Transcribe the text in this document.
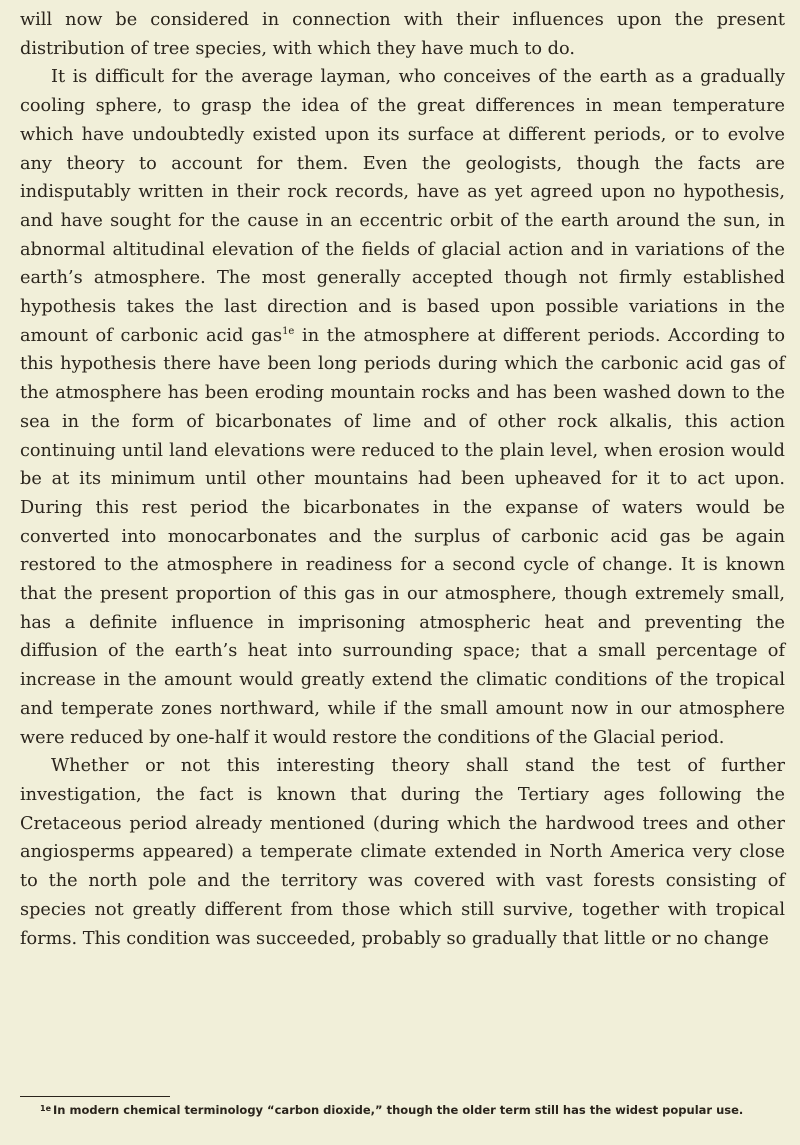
will now be considered in connection with their influences upon the present distribution of tree species, with which they have much to do.

It is difficult for the average layman, who conceives of the earth as a gradually cooling sphere, to grasp the idea of the great differences in mean temperature which have undoubtedly existed upon its surface at different periods, or to evolve any theory to account for them. Even the geologists, though the facts are indisputably written in their rock records, have as yet agreed upon no hypothesis, and have sought for the cause in an eccentric orbit of the earth around the sun, in abnormal altitudinal elevation of the fields of glacial action and in variations of the earth’s atmosphere. The most generally accepted though not firmly established hypothesis takes the last direction and is based upon possible variations in the amount of carbonic acid gas$^{1e}$ in the atmosphere at different periods. According to this hypothesis there have been long periods during which the carbonic acid gas of the atmosphere has been eroding mountain rocks and has been washed down to the sea in the form of bicarbonates of lime and of other rock alkalis, this action continuing until land elevations were reduced to the plain level, when erosion would be at its minimum until other mountains had been upheaved for it to act upon. During this rest period the bicarbonates in the expanse of waters would be converted into monocarbonates and the surplus of carbonic acid gas be again restored to the atmosphere in readiness for a second cycle of change. It is known that the present proportion of this gas in our atmosphere, though extremely small, has a definite influence in imprisoning atmospheric heat and preventing the diffusion of the earth’s heat into surrounding space; that a small percentage of increase in the amount would greatly extend the climatic conditions of the tropical and temperate zones northward, while if the small amount now in our atmosphere were reduced by one-half it would restore the conditions of the Glacial period.

Whether or not this interesting theory shall stand the test of further investigation, the fact is known that during the Tertiary ages following the Cretaceous period already mentioned (during which the hardwood trees and other angiosperms appeared) a temperate climate extended in North America very close to the north pole and the territory was covered with vast forests consisting of species not greatly different from those which still survive, together with tropical forms. This condition was succeeded, probably so gradually that little or no change

$^{1e}$ In modern chemical terminology “carbon dioxide,” though the older term still has the widest popular use.
